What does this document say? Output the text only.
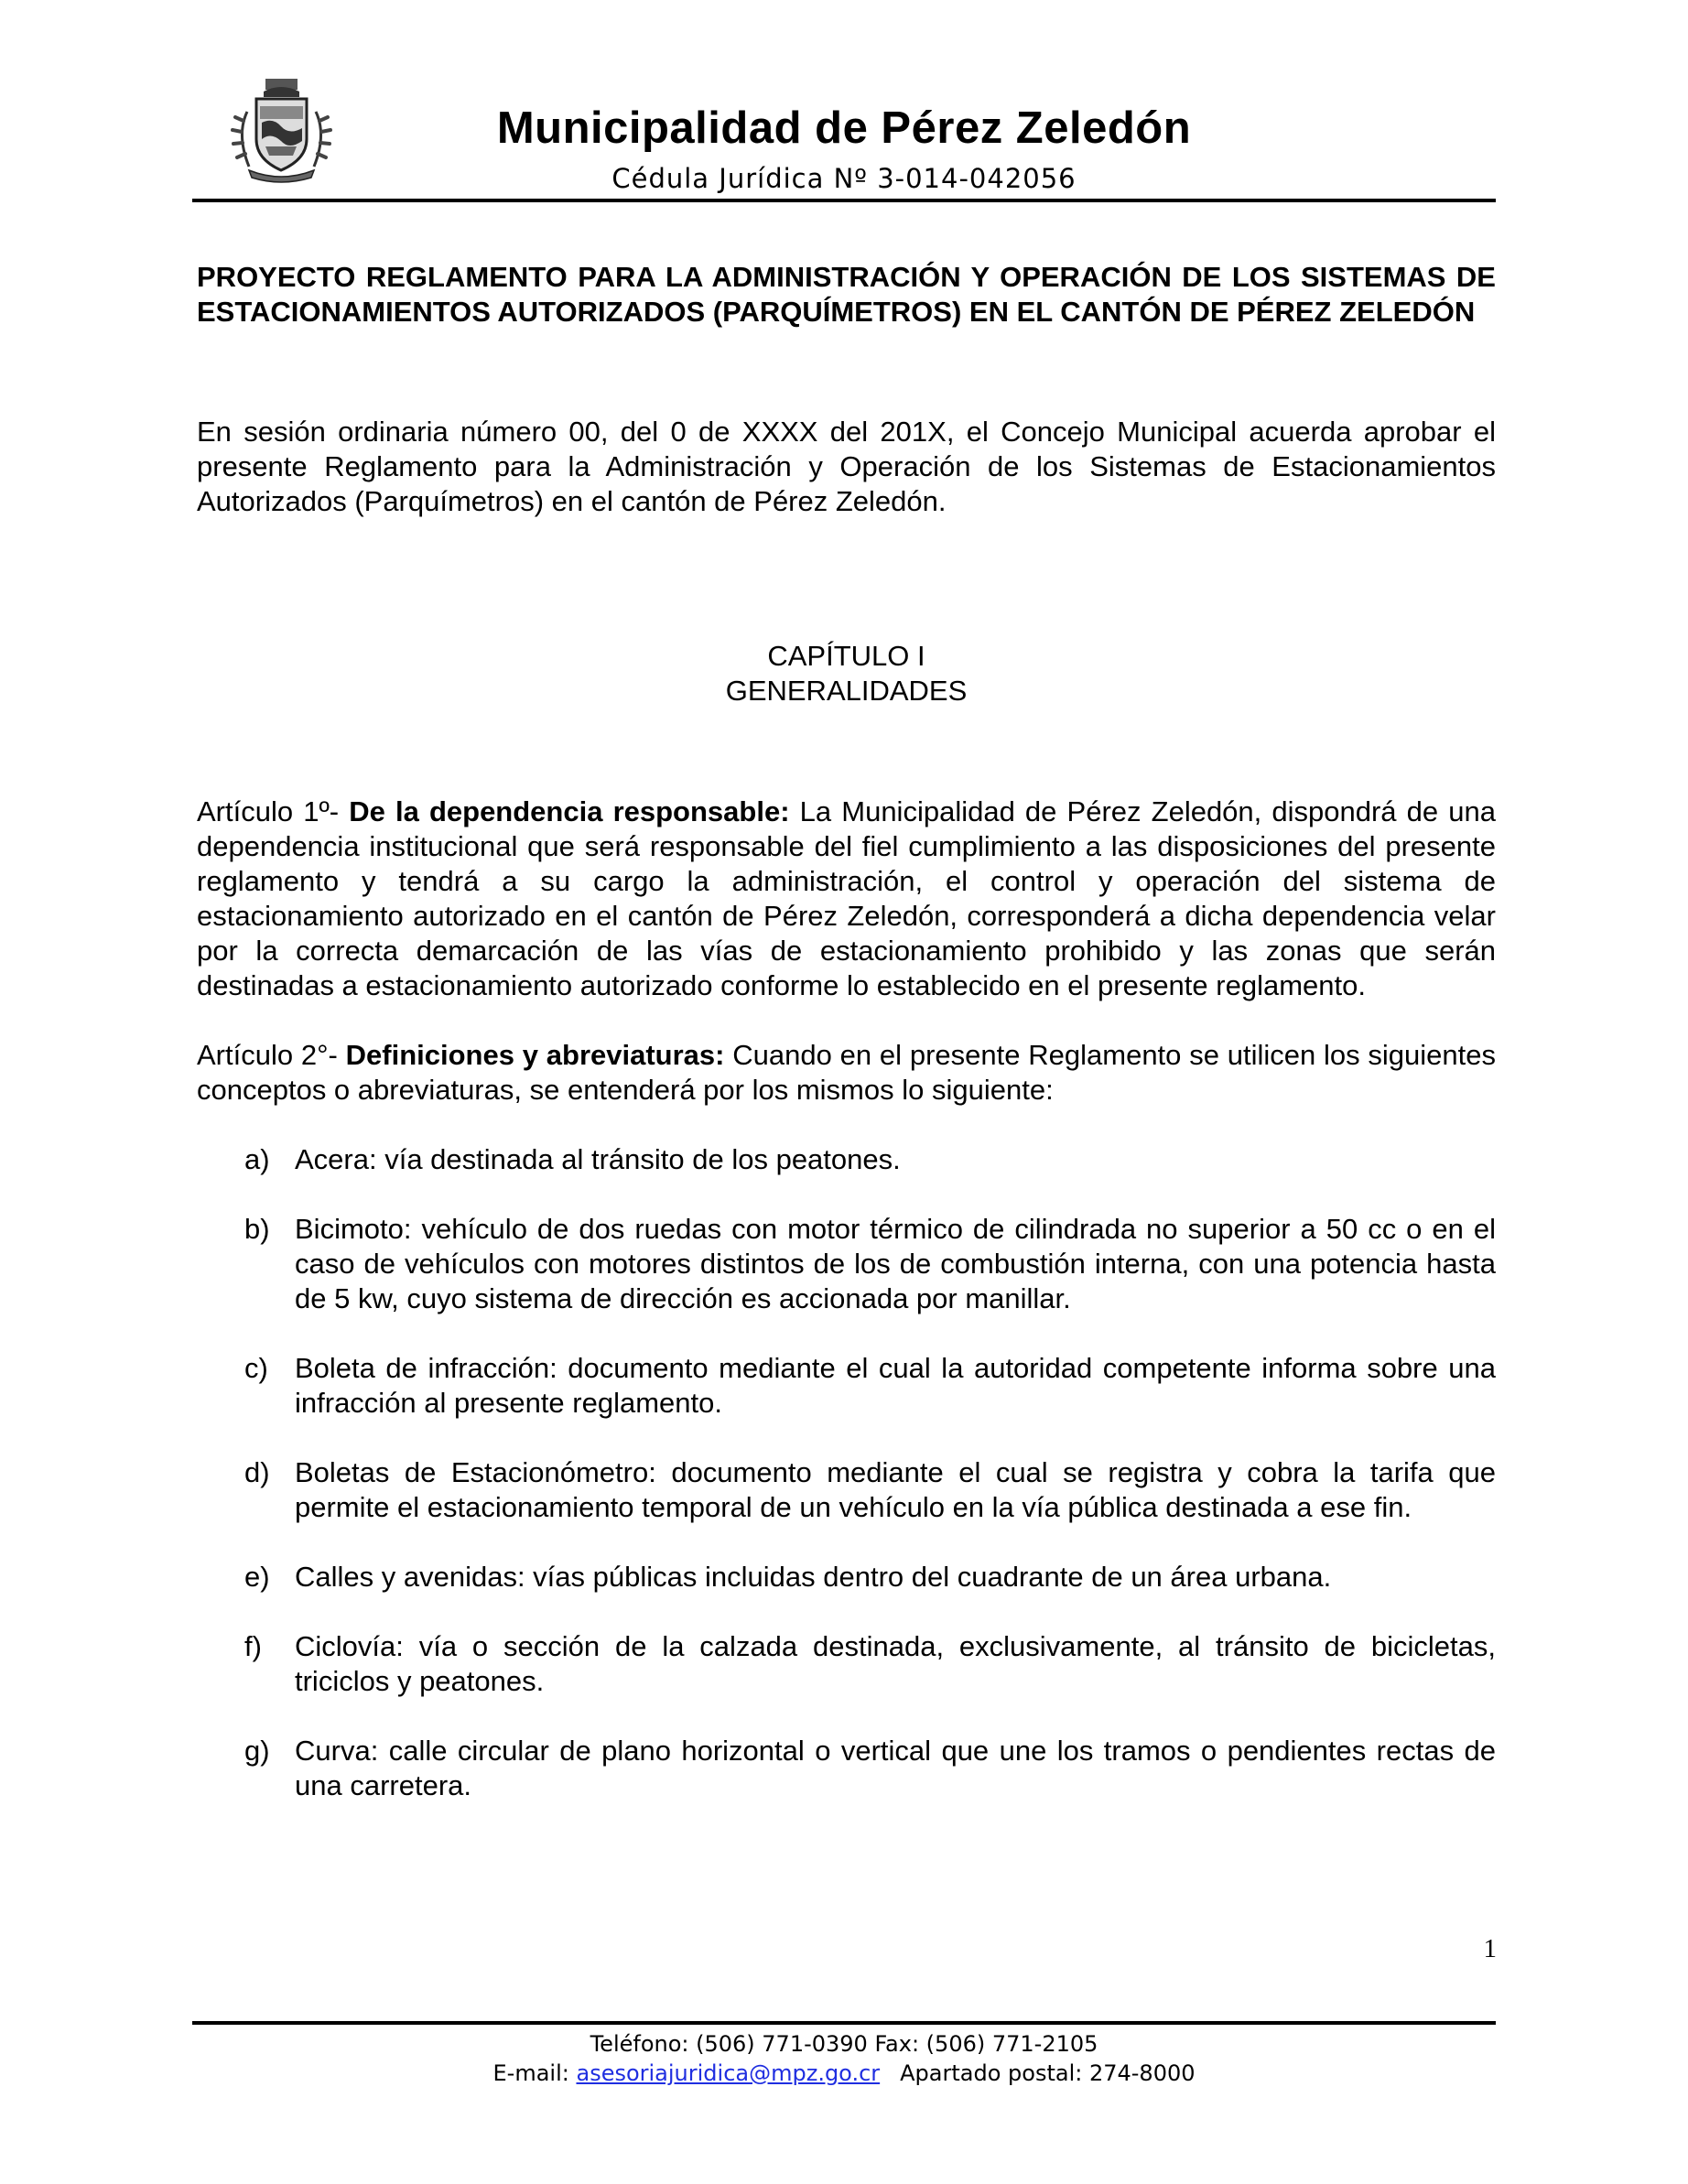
Municipalidad de Pérez Zeledón
Cédula Jurídica Nº 3-014-042056

PROYECTO REGLAMENTO PARA LA ADMINISTRACIÓN Y OPERACIÓN DE LOS SISTEMAS DE ESTACIONAMIENTOS AUTORIZADOS (PARQUÍMETROS) EN EL CANTÓN DE PÉREZ ZELEDÓN

En sesión ordinaria número 00, del 0 de XXXX del 201X, el Concejo Municipal acuerda aprobar el presente Reglamento para la Administración y Operación de los Sistemas de Estacionamientos Autorizados (Parquímetros) en el cantón de Pérez Zeledón.

CAPÍTULO I
GENERALIDADES

Artículo 1º- De la dependencia responsable: La Municipalidad de Pérez Zeledón, dispondrá de una dependencia institucional que será responsable del fiel cumplimiento a las disposiciones del presente reglamento y tendrá a su cargo la administración, el control y operación del sistema de estacionamiento autorizado en el cantón de Pérez Zeledón, corresponderá a dicha dependencia velar por la correcta demarcación de las vías de estacionamiento prohibido y las zonas que serán destinadas a estacionamiento autorizado conforme lo establecido en el presente reglamento.

Artículo 2°- Definiciones y abreviaturas: Cuando en el presente Reglamento se utilicen los siguientes conceptos o abreviaturas, se entenderá por los mismos lo siguiente:

a) Acera: vía destinada al tránsito de los peatones.
b) Bicimoto: vehículo de dos ruedas con motor térmico de cilindrada no superior a 50 cc o en el caso de vehículos con motores distintos de los de combustión interna, con una potencia hasta de 5 kw, cuyo sistema de dirección es accionada por manillar.
c) Boleta de infracción: documento mediante el cual la autoridad competente informa sobre una infracción al presente reglamento.
d) Boletas de Estacionómetro: documento mediante el cual se registra y cobra la tarifa que permite el estacionamiento temporal de un vehículo en la vía pública destinada a ese fin.
e) Calles y avenidas: vías públicas incluidas dentro del cuadrante de un área urbana.
f) Ciclovía: vía o sección de la calzada destinada, exclusivamente, al tránsito de bicicletas, triciclos y peatones.
g) Curva: calle circular de plano horizontal o vertical que une los tramos o pendientes rectas de una carretera.
1
Teléfono: (506) 771-0390 Fax: (506) 771-2105
E-mail: asesoriajuridica@mpz.go.cr Apartado postal: 274-8000
